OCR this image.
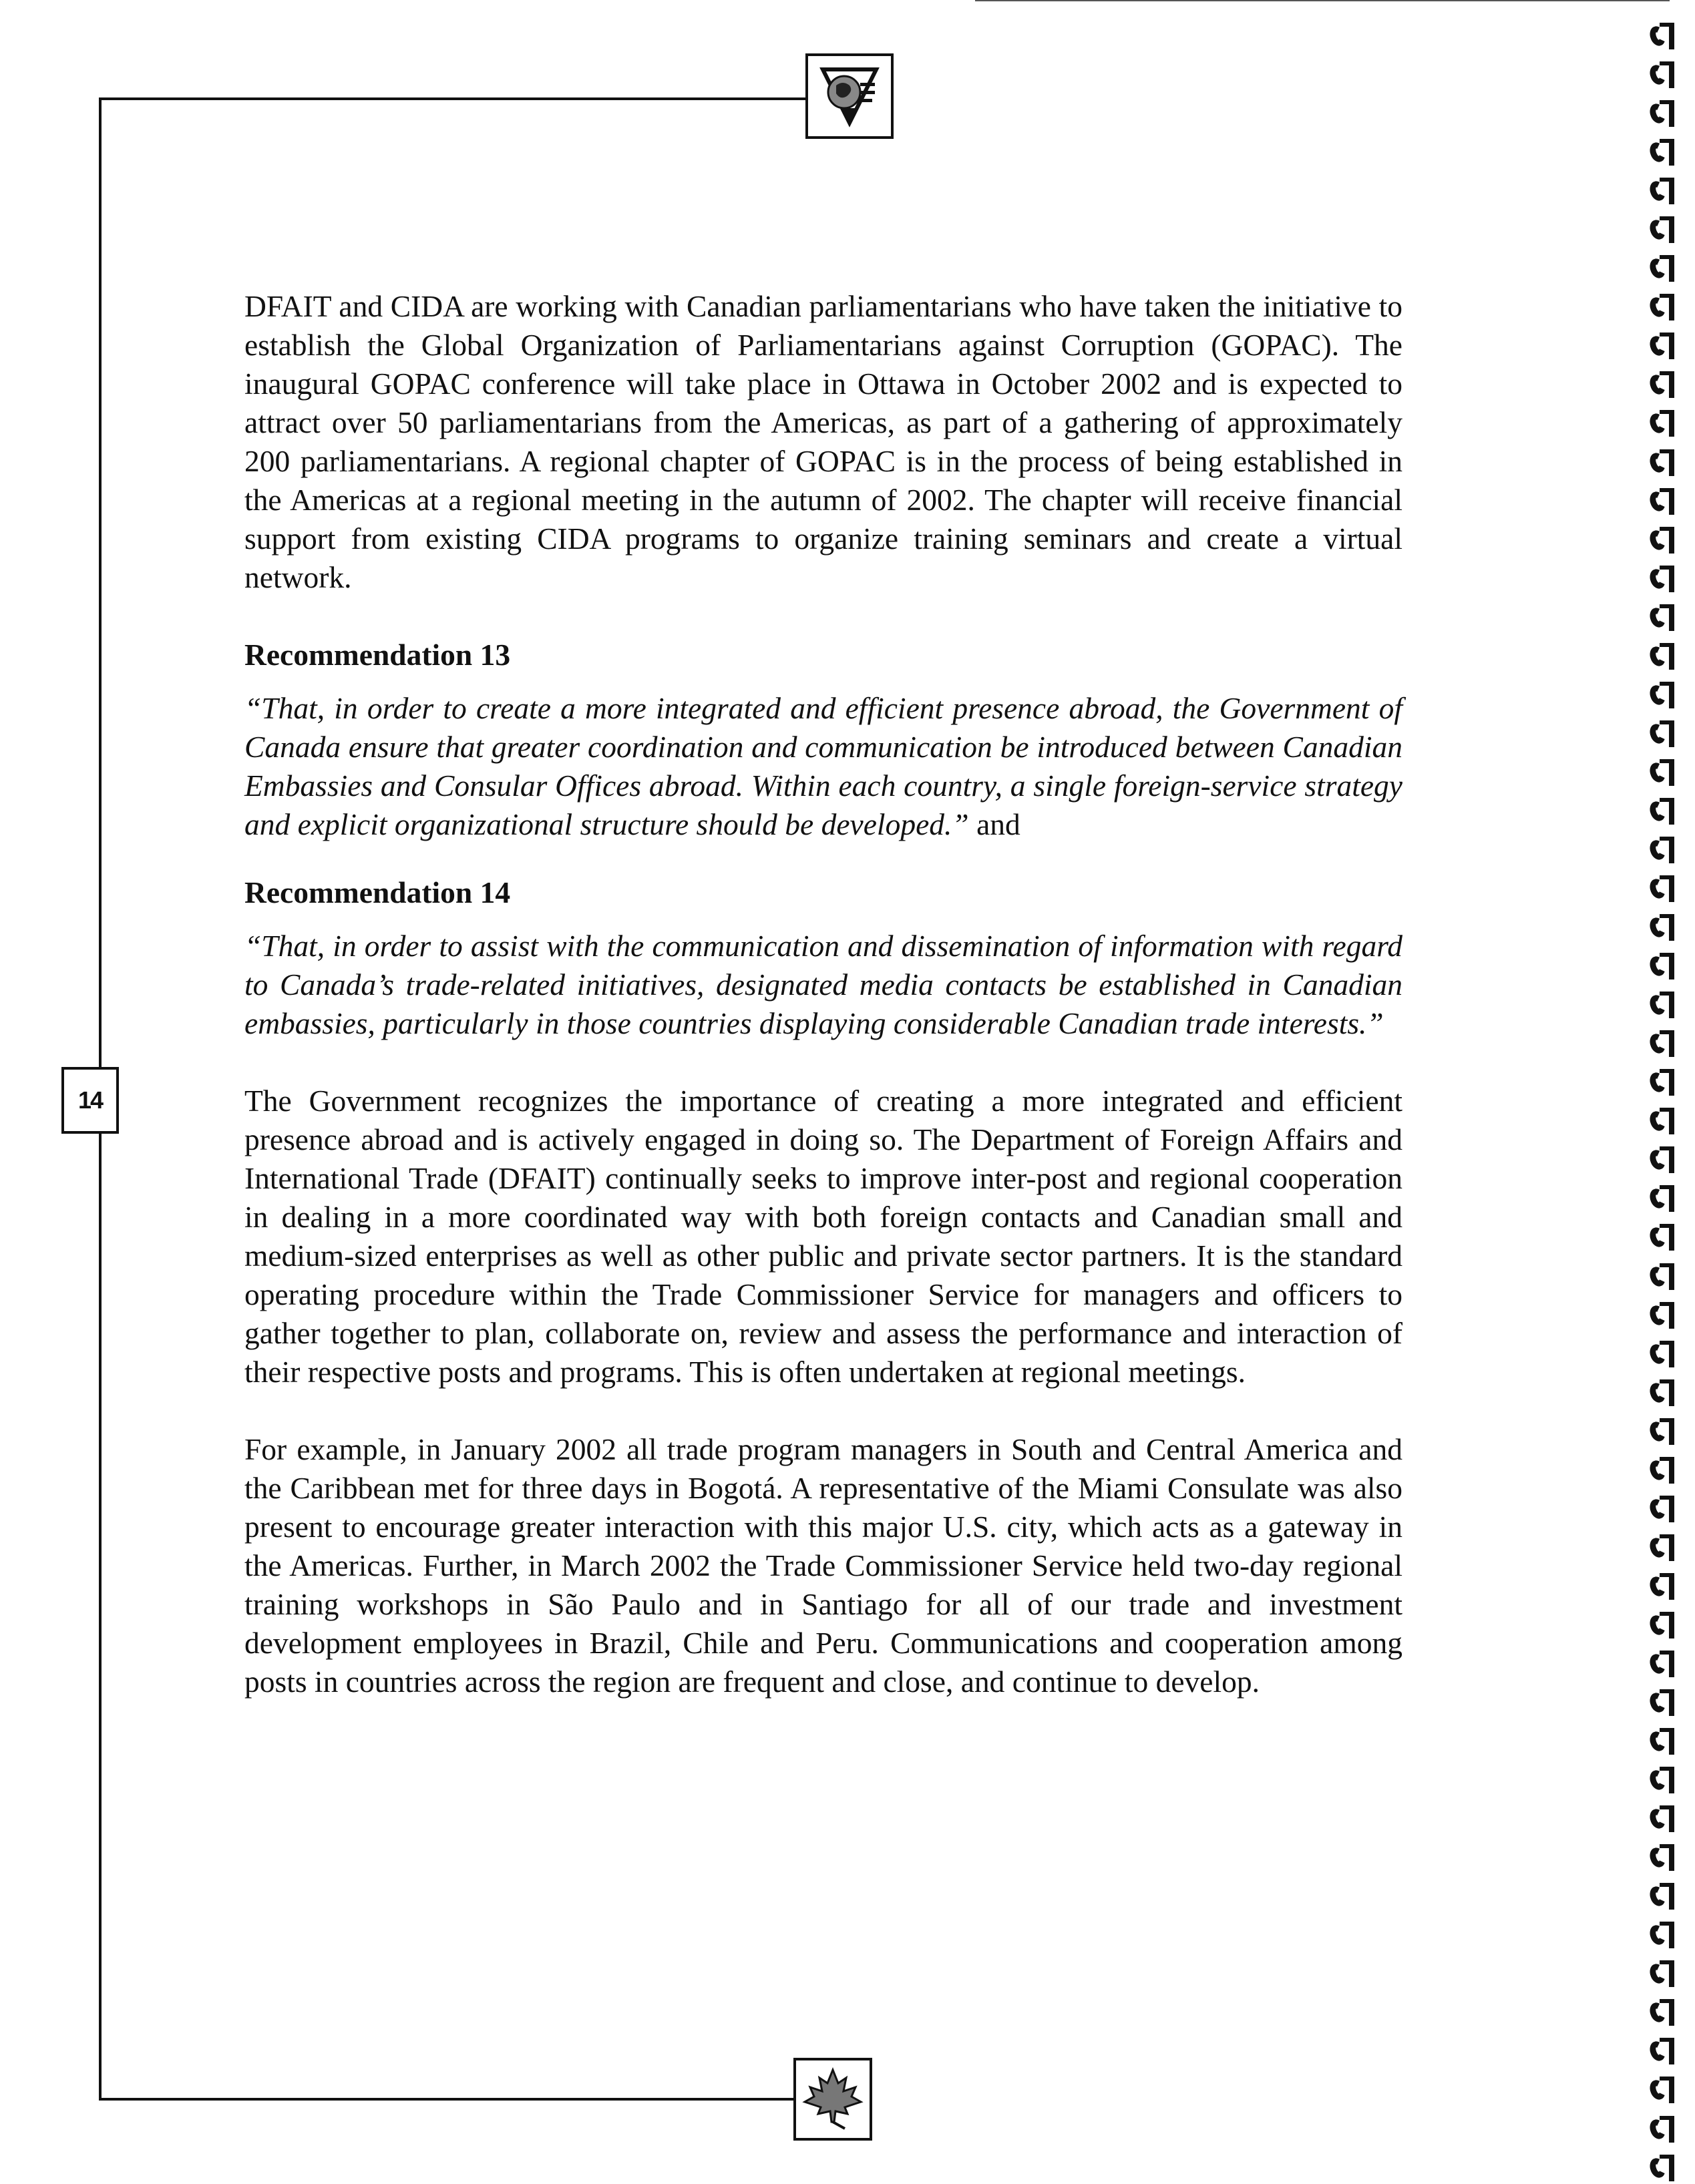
14

DFAIT and CIDA are working with Canadian parliamentarians who have taken the initiative to establish the Global Organization of Parliamentarians against Corruption (GOPAC). The inaugural GOPAC conference will take place in Ottawa in October 2002 and is expected to attract over 50 parliamentarians from the Americas, as part of a gathering of approximately 200 parliamentarians. A regional chapter of GOPAC is in the process of being established in the Americas at a regional meeting in the autumn of 2002. The chapter will receive financial support from existing CIDA programs to organize training seminars and create a virtual network.

Recommendation 13

“That, in order to create a more integrated and efficient presence abroad, the Government of Canada ensure that greater coordination and communication be introduced between Canadian Embassies and Consular Offices abroad. Within each country, a single foreign-service strategy and explicit organizational structure should be developed.” and

Recommendation 14

“That, in order to assist with the communication and dissemination of information with regard to Canada’s trade-related initiatives, designated media contacts be established in Canadian embassies, particularly in those countries displaying considerable Canadian trade interests.”

The Government recognizes the importance of creating a more integrated and efficient presence abroad and is actively engaged in doing so. The Department of Foreign Affairs and International Trade (DFAIT) continually seeks to improve inter-post and regional cooperation in dealing in a more coordinated way with both foreign contacts and Canadian small and medium-sized enterprises as well as other public and private sector partners. It is the standard operating procedure within the Trade Commissioner Service for managers and officers to gather together to plan, collaborate on, review and assess the performance and interaction of their respective posts and programs. This is often undertaken at regional meetings.

For example, in January 2002 all trade program managers in South and Central America and the Caribbean met for three days in Bogotá. A representative of the Miami Consulate was also present to encourage greater interaction with this major U.S. city, which acts as a gateway in the Americas. Further, in March 2002 the Trade Commissioner Service held two-day regional training workshops in São Paulo and in Santiago for all of our trade and investment development employees in Brazil, Chile and Peru. Communications and cooperation among posts in countries across the region are frequent and close, and continue to develop.
